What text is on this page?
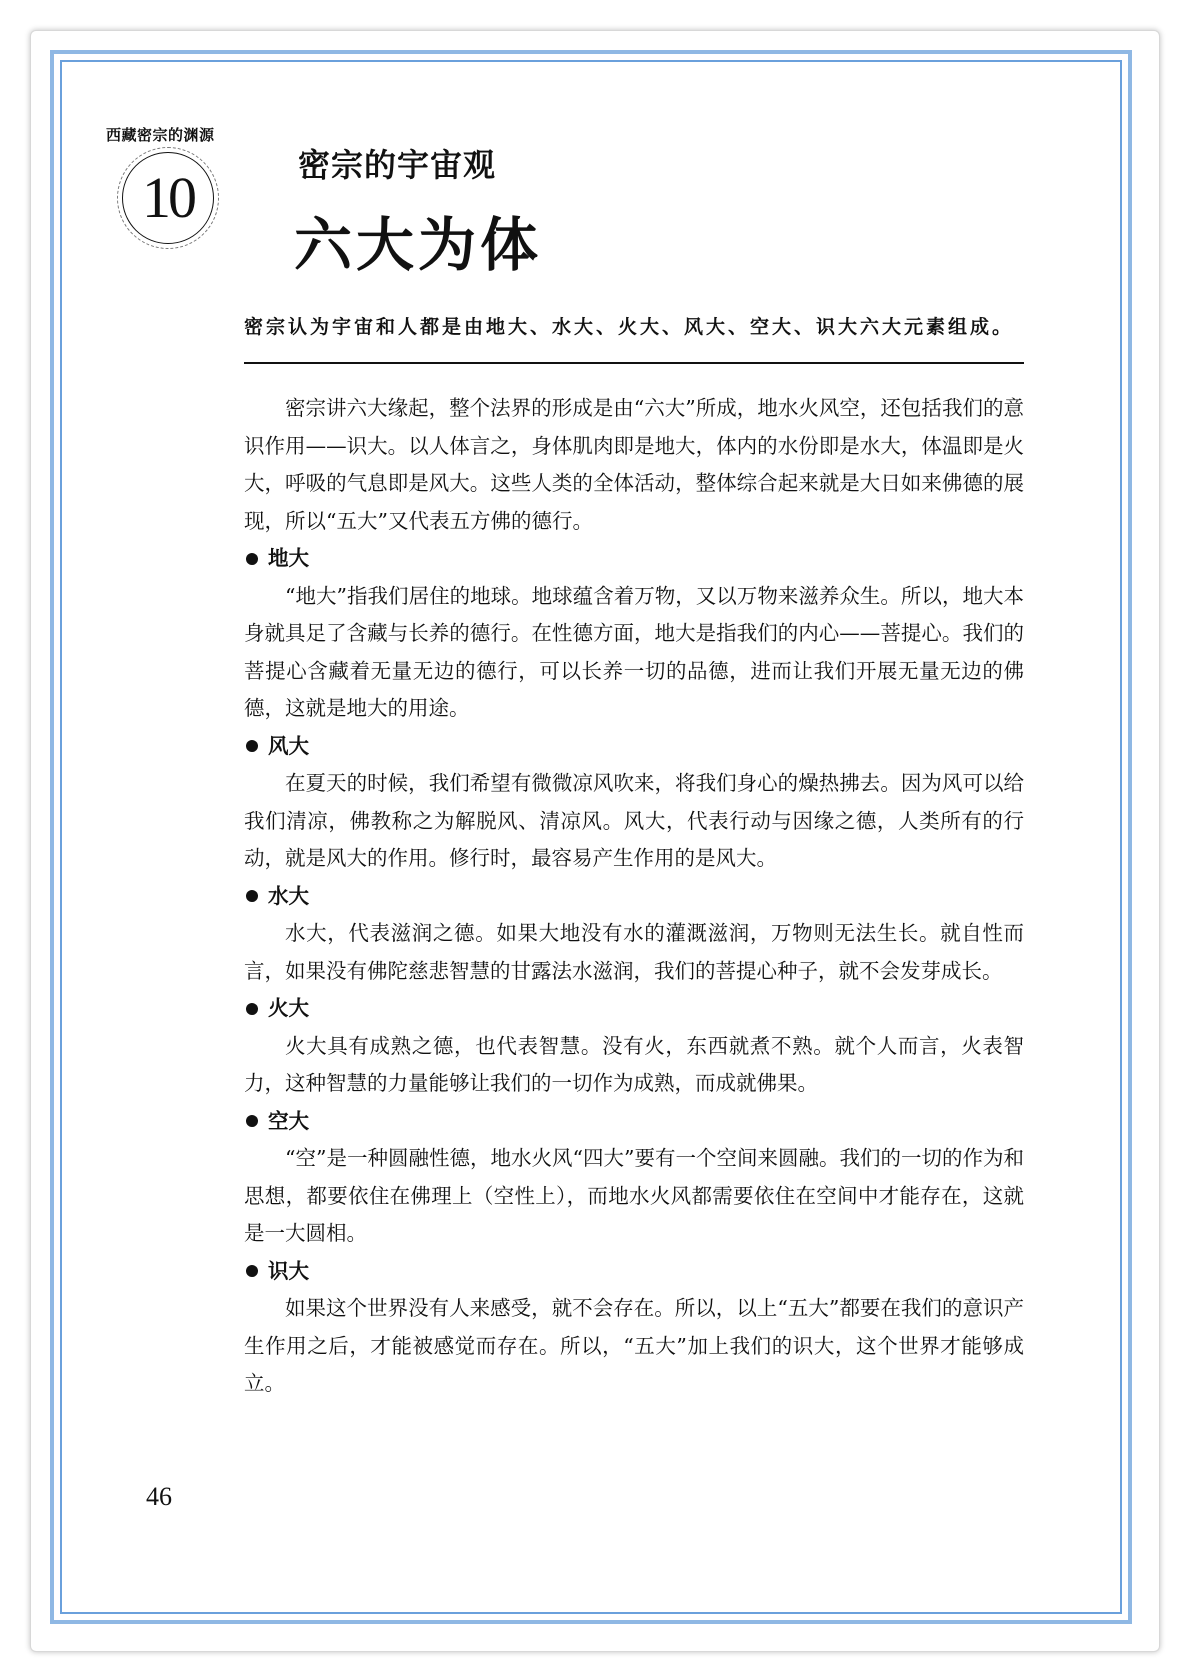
西藏密宗的渊源
10	密宗的宇宙观
六大为体
密宗认为宇宙和人都是由地大、水大、火大、风大、空大、识大六大元素组成。

密宗讲六大缘起，整个法界的形成是由“六大”所成，地水火风空，还包括我们的意识作用——识大。以人体言之，身体肌肉即是地大，体内的水份即是水大，体温即是火大，呼吸的气息即是风大。这些人类的全体活动，整体综合起来就是大日如来佛德的展现，所以“五大”又代表五方佛的德行。

地大

“地大”指我们居住的地球。地球蕴含着万物，又以万物来滋养众生。所以，地大本身就具足了含藏与长养的德行。在性德方面，地大是指我们的内心——菩提心。我们的菩提心含藏着无量无边的德行，可以长养一切的品德，进而让我们开展无量无边的佛德，这就是地大的用途。

风大

在夏天的时候，我们希望有微微凉风吹来，将我们身心的燥热拂去。因为风可以给我们清凉，佛教称之为解脱风、清凉风。风大，代表行动与因缘之德，人类所有的行动，就是风大的作用。修行时，最容易产生作用的是风大。

水大

水大，代表滋润之德。如果大地没有水的灌溉滋润，万物则无法生长。就自性而言，如果没有佛陀慈悲智慧的甘露法水滋润，我们的菩提心种子，就不会发芽成长。

火大

火大具有成熟之德，也代表智慧。没有火，东西就煮不熟。就个人而言，火表智力，这种智慧的力量能够让我们的一切作为成熟，而成就佛果。

空大

“空”是一种圆融性德，地水火风“四大”要有一个空间来圆融。我们的一切的作为和思想，都要依住在佛理上（空性上），而地水火风都需要依住在空间中才能存在，这就是一大圆相。

识大

如果这个世界没有人来感受，就不会存在。所以，以上“五大”都要在我们的意识产生作用之后，才能被感觉而存在。所以，“五大”加上我们的识大，这个世界才能够成立。

46
